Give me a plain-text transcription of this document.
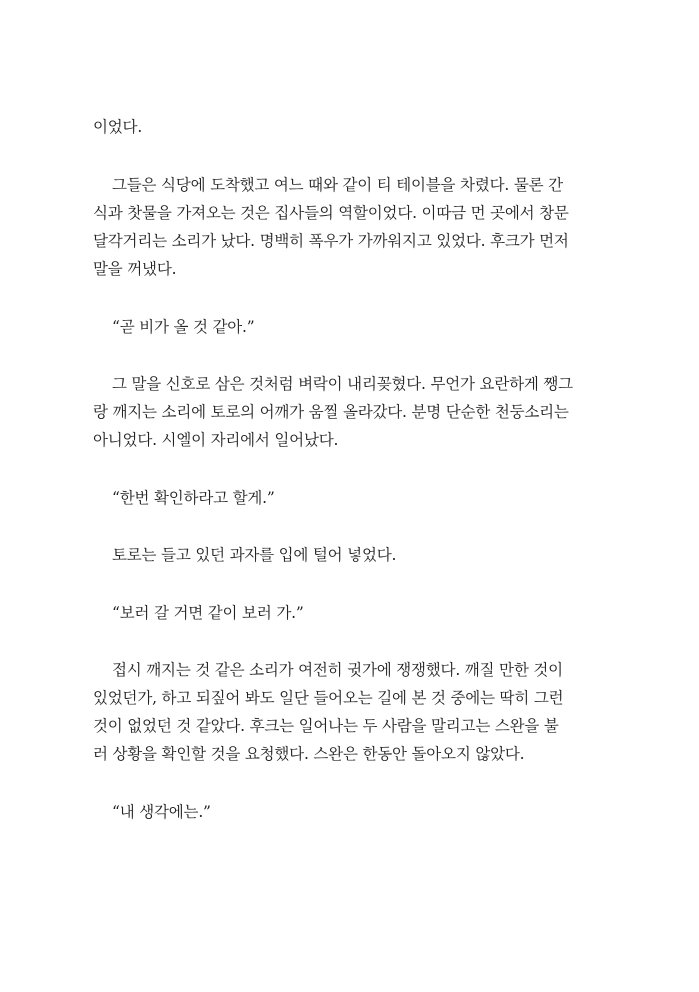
이었다.
그들은 식당에 도착했고 여느 때와 같이 티 테이블을 차렸다. 물론 간
식과 찻물을 가져오는 것은 집사들의 역할이었다. 이따금 먼 곳에서 창문
달각거리는 소리가 났다. 명백히 폭우가 가까워지고 있었다. 후크가 먼저
말을 꺼냈다.
“곧 비가 올 것 같아.”
그 말을 신호로 삼은 것처럼 벼락이 내리꽂혔다. 무언가 요란하게 쨍그
랑 깨지는 소리에 토로의 어깨가 움찔 올라갔다. 분명 단순한 천둥소리는
아니었다. 시엘이 자리에서 일어났다.
“한번 확인하라고 할게.”
토로는 들고 있던 과자를 입에 털어 넣었다.
“보러 갈 거면 같이 보러 가.”
접시 깨지는 것 같은 소리가 여전히 귓가에 쟁쟁했다. 깨질 만한 것이
있었던가, 하고 되짚어 봐도 일단 들어오는 길에 본 것 중에는 딱히 그런
것이 없었던 것 같았다. 후크는 일어나는 두 사람을 말리고는 스완을 불
러 상황을 확인할 것을 요청했다. 스완은 한동안 돌아오지 않았다.
“내 생각에는.”
